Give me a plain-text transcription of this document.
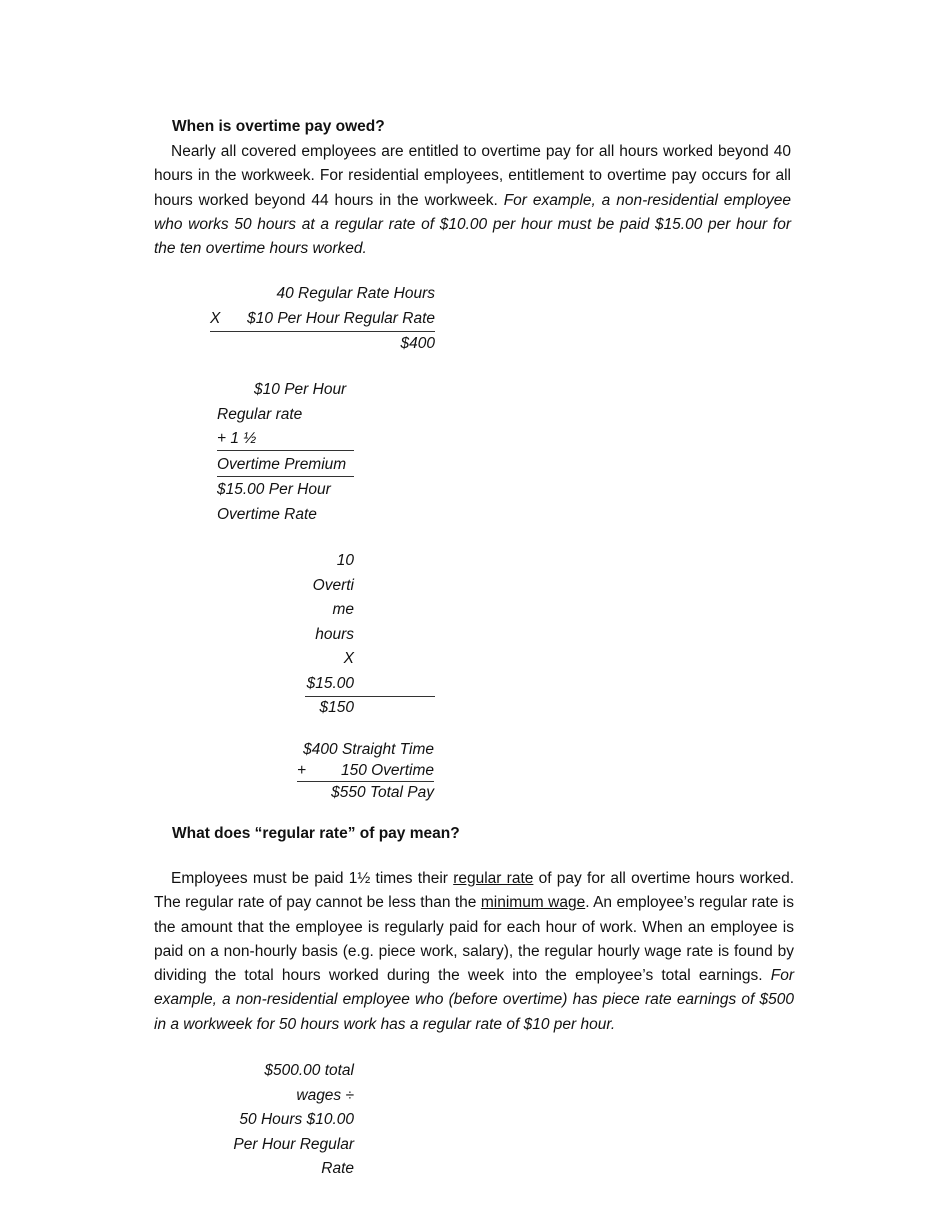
When is overtime pay owed?

Nearly all covered employees are entitled to overtime pay for all hours worked beyond 40 hours in the workweek. For residential employees, entitlement to overtime pay occurs for all hours worked beyond 44 hours in the workweek. For example, a non-residential employee who works 50 hours at a regular rate of $10.00 per hour must be paid $15.00 per hour for the ten overtime hours worked.

40 Regular Rate Hours
X $10 Per Hour Regular Rate
$400
$10 Per Hour
Regular rate
+ 1 ½
Overtime Premium
$15.00 Per Hour
Overtime Rate
10
Overti
me
hours
X
$15.00
$150
$400 Straight Time
+ 150 Overtime
$550 Total Pay
What does “regular rate” of pay mean?

Employees must be paid 1½ times their regular rate of pay for all overtime hours worked. The regular rate of pay cannot be less than the minimum wage. An employee’s regular rate is the amount that the employee is regularly paid for each hour of work. When an employee is paid on a non-hourly basis (e.g. piece work, salary), the regular hourly wage rate is found by dividing the total hours worked during the week into the employee’s total earnings. For example, a non-residential employee who (before overtime) has piece rate earnings of $500 in a workweek for 50 hours work has a regular rate of $10 per hour.

$500.00 total
wages ÷
50 Hours $10.00
Per Hour Regular
Rate
